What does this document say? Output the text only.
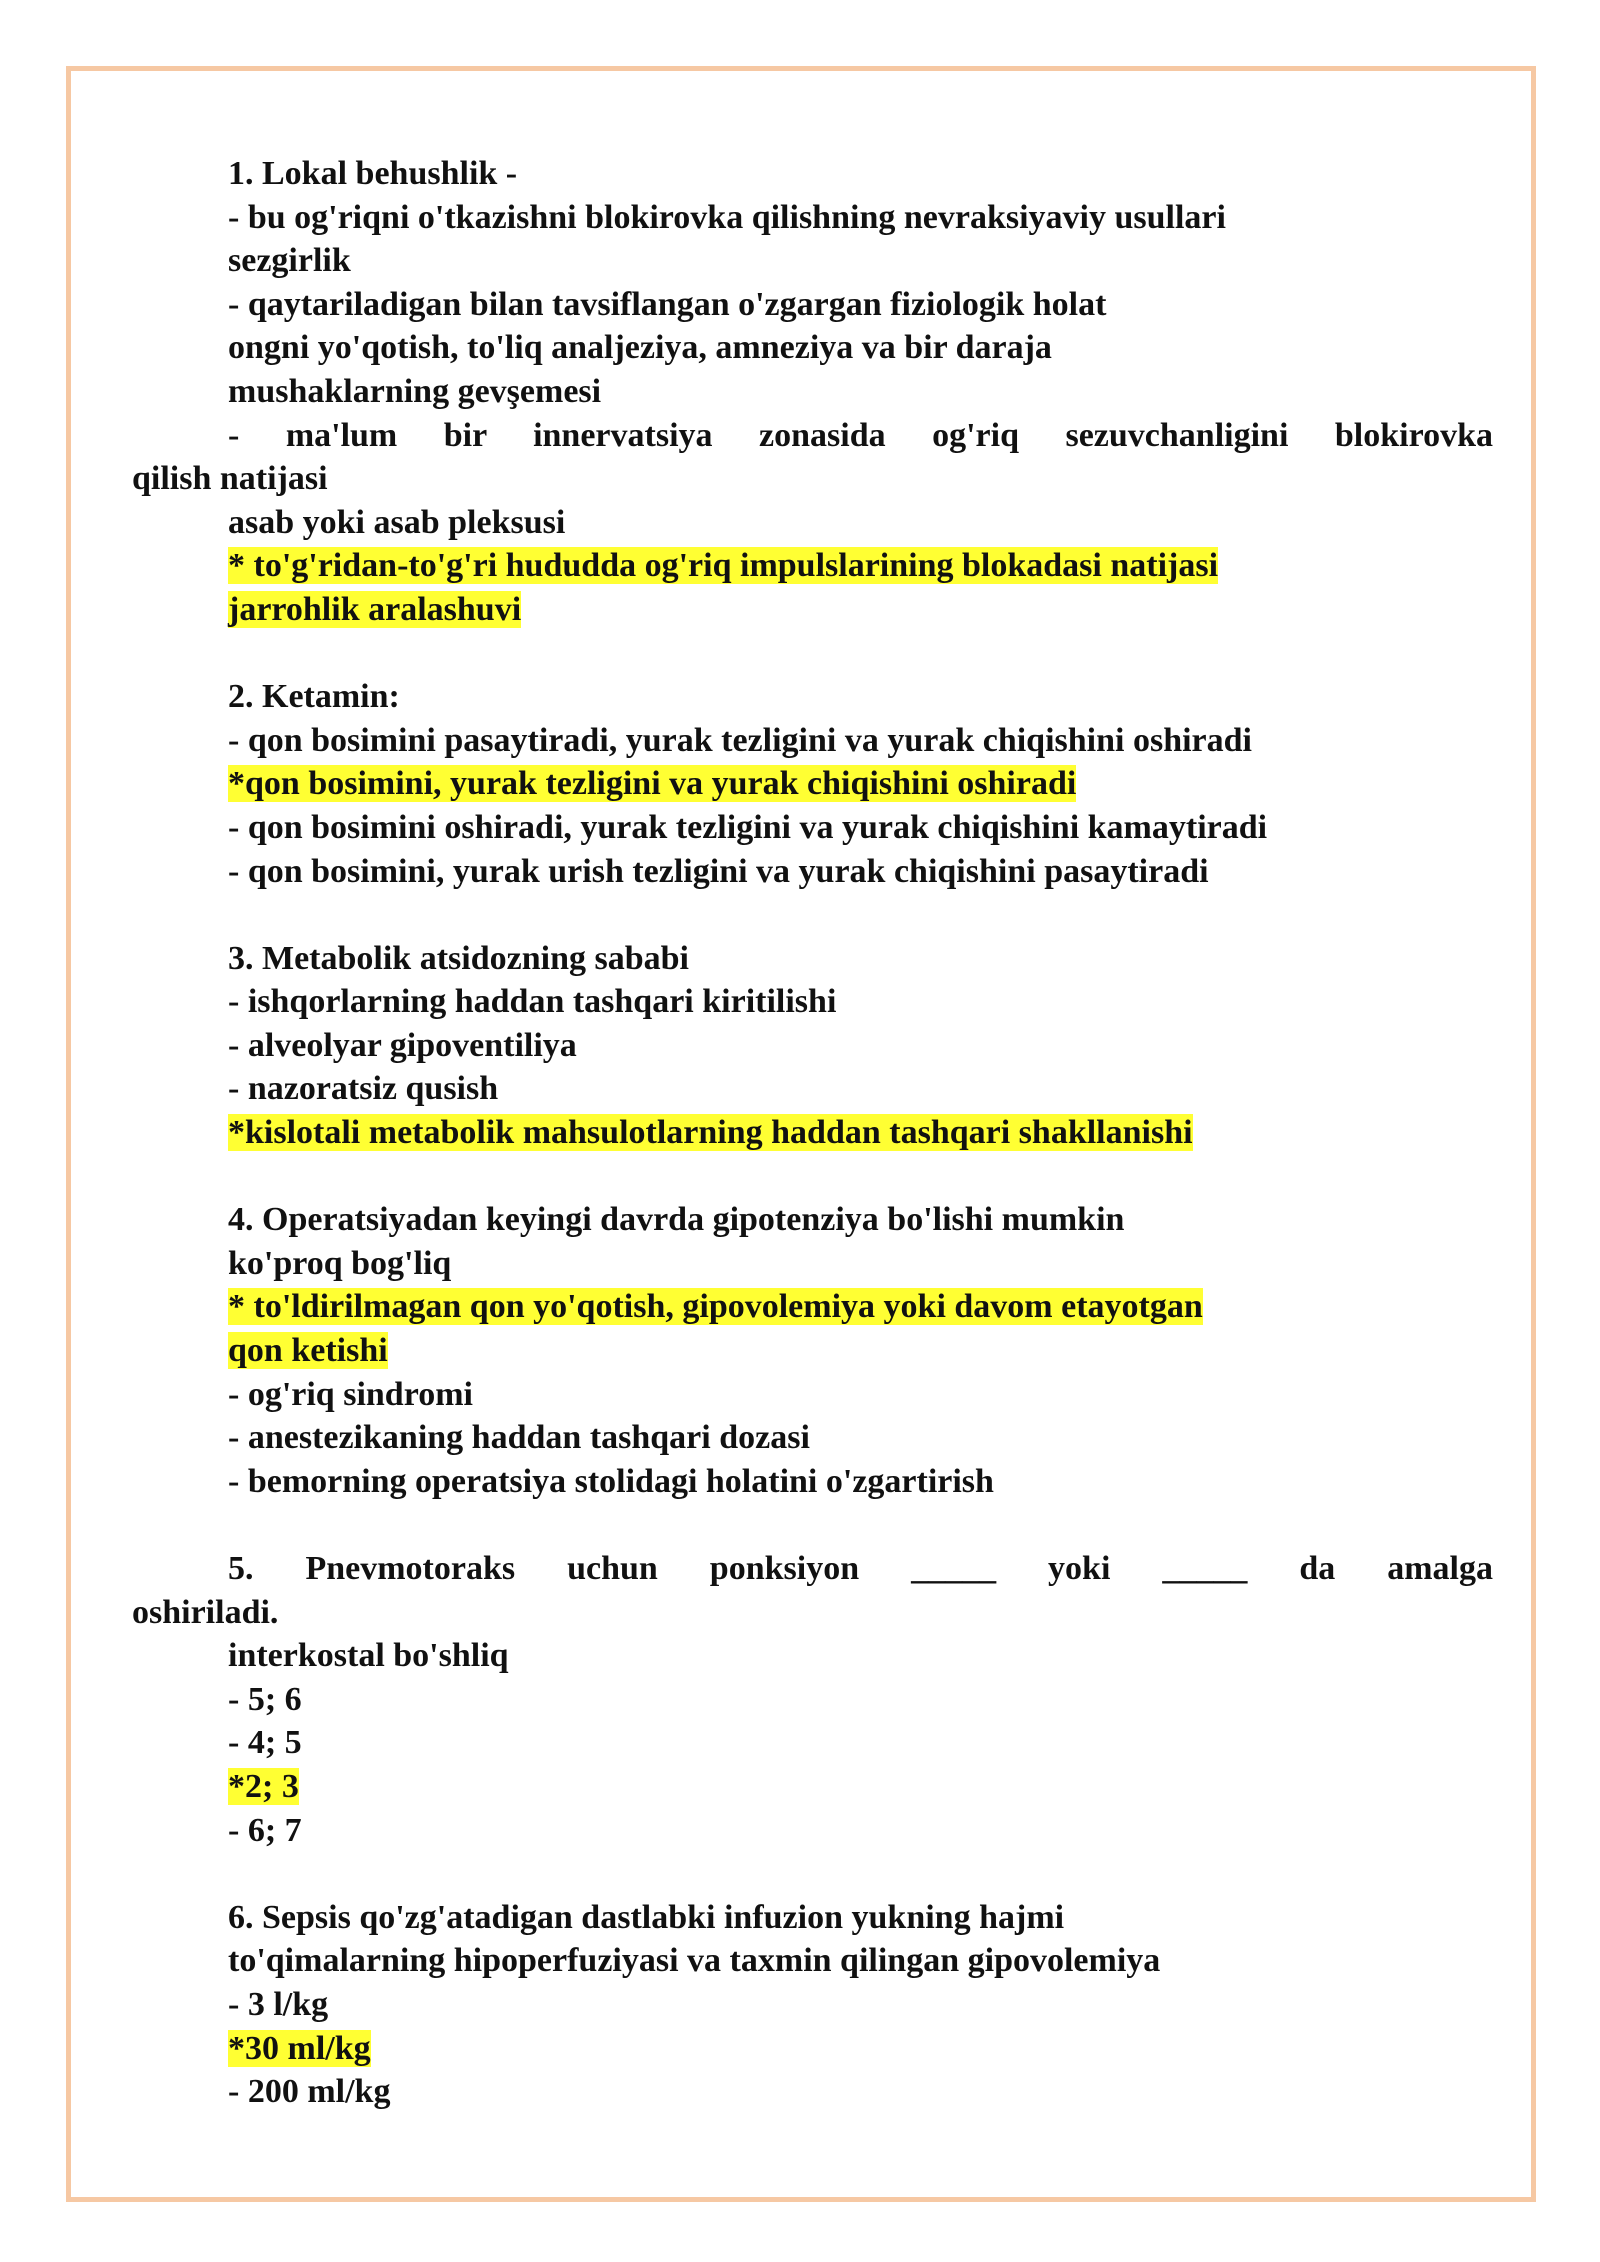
1. Lokal behushlik -
- bu og'riqni o'tkazishni blokirovka qilishning nevraksiyaviy usullari
sezgirlik
- qaytariladigan bilan tavsiflangan o'zgargan fiziologik holat
ongni yo'qotish, to'liq analjeziya, amneziya va bir daraja
mushaklarning gevşemesi
- ma'lum bir innervatsiya zonasida og'riq sezuvchanligini blokirovka
qilish natijasi
asab yoki asab pleksusi
* to'g'ridan-to'g'ri hududda og'riq impulslarining blokadasi natijasi
jarrohlik aralashuvi
2. Ketamin:
- qon bosimini pasaytiradi, yurak tezligini va yurak chiqishini oshiradi
*qon bosimini, yurak tezligini va yurak chiqishini oshiradi
- qon bosimini oshiradi, yurak tezligini va yurak chiqishini kamaytiradi
- qon bosimini, yurak urish tezligini va yurak chiqishini pasaytiradi
3. Metabolik atsidozning sababi
- ishqorlarning haddan tashqari kiritilishi
- alveolyar gipoventiliya
- nazoratsiz qusish
*kislotali metabolik mahsulotlarning haddan tashqari shakllanishi
4. Operatsiyadan keyingi davrda gipotenziya bo'lishi mumkin
ko'proq bog'liq
* to'ldirilmagan qon yo'qotish, gipovolemiya yoki davom etayotgan
qon ketishi
- og'riq sindromi
- anestezikaning haddan tashqari dozasi
- bemorning operatsiya stolidagi holatini o'zgartirish
5. Pnevmotoraks uchun ponksiyon _____ yoki _____ da amalga
oshiriladi.
interkostal bo'shliq
- 5; 6
- 4; 5
*2; 3
- 6; 7
6. Sepsis qo'zg'atadigan dastlabki infuzion yukning hajmi
to'qimalarning hipoperfuziyasi va taxmin qilingan gipovolemiya
- 3 l/kg
*30 ml/kg
- 200 ml/kg
